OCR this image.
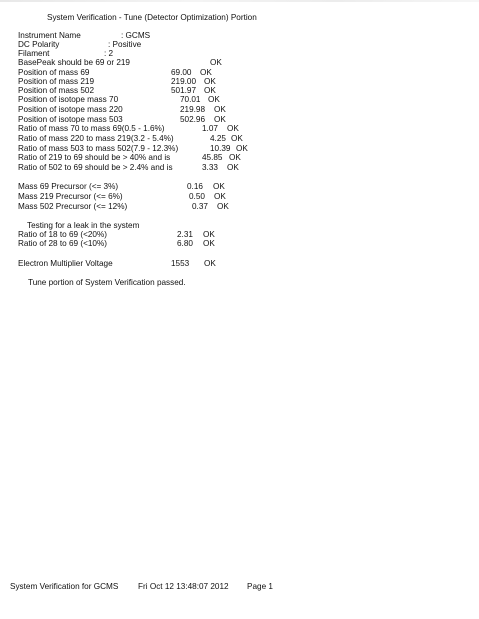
System Verification - Tune (Detector Optimization) Portion
Instrument Name	: GCMS
DC Polarity	: Positive
Filament	: 2
BasePeak should be 69 or 219	OK
Position of mass 69	69.00 OK
Position of mass 219	219.00 OK
Position of mass 502	501.97 OK
Position of isotope mass 70	70.01 OK
Position of isotope mass 220	219.98 OK
Position of isotope mass 503	502.96 OK
Ratio of mass 70 to mass 69(0.5 - 1.6%)	1.07 OK
Ratio of mass 220 to mass 219(3.2 - 5.4%)	4.25 OK
Ratio of mass 503 to mass 502(7.9 - 12.3%)	10.39 OK
Ratio of 219 to 69 should be > 40% and is	45.85 OK
Ratio of 502 to 69 should be > 2.4% and is	3.33 OK
Mass 69 Precursor (<= 3%)	0.16 OK
Mass 219 Precursor (<= 6%)	0.50 OK
Mass 502 Precursor (<= 12%)	0.37 OK
Testing for a leak in the system
Ratio of 18 to 69 (<20%)	2.31 OK
Ratio of 28 to 69 (<10%)	6.80 OK
Electron Multiplier Voltage	1553 OK
Tune portion of System Verification passed.
System Verification for GCMS Fri Oct 12 13:48:07 2012 Page 1
